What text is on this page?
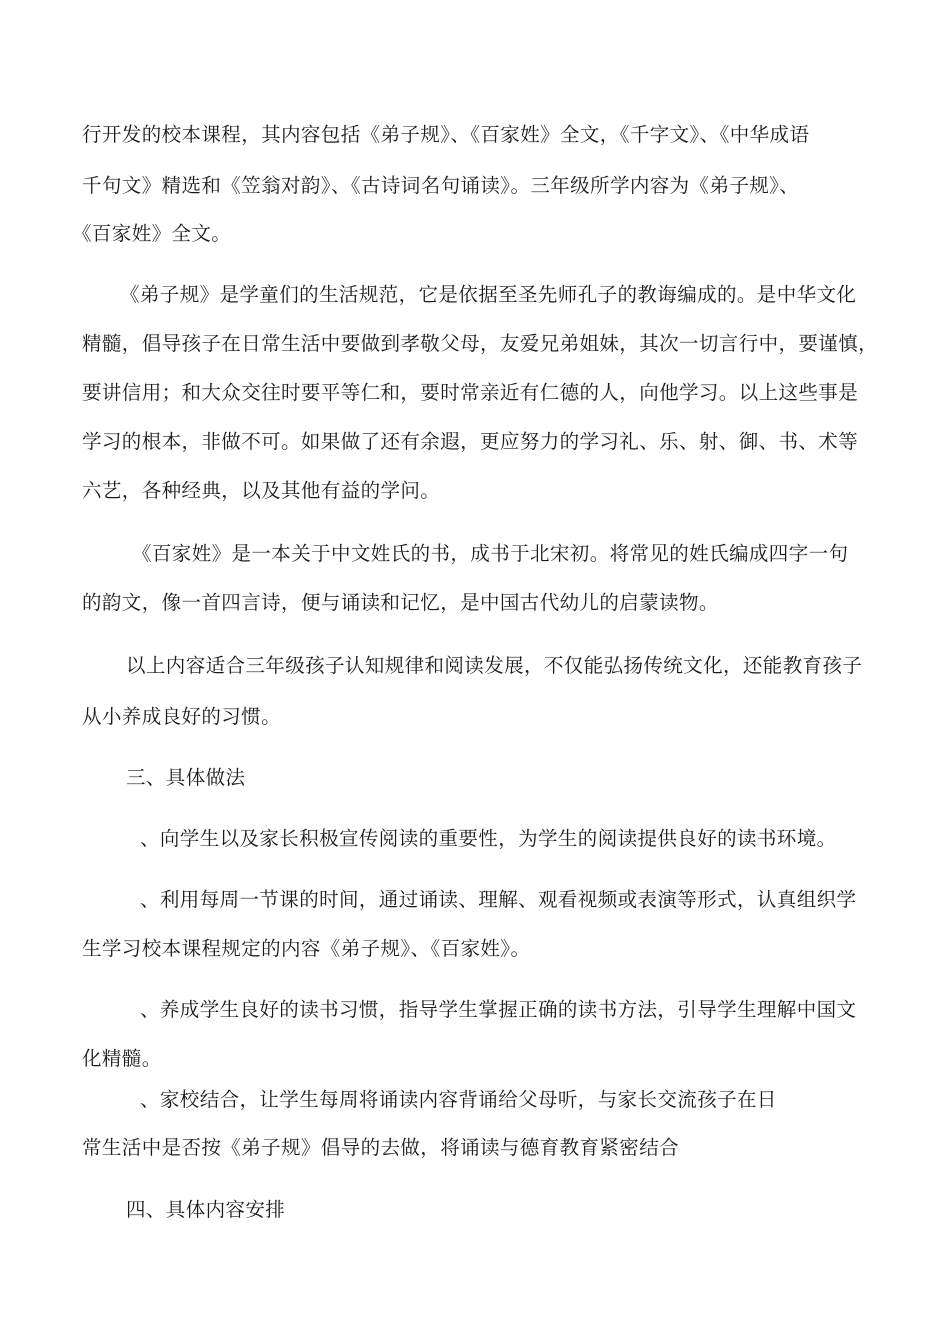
行开发的校本课程，其内容包括《弟子规》、《百家姓》全文，《千字文》、《中华成语
千句文》精选和《笠翁对韵》、《古诗词名句诵读》。三年级所学内容为《弟子规》、
《百家姓》全文。
《弟子规》是学童们的生活规范，它是依据至圣先师孔子的教诲编成的。是中华文化
精髓，倡导孩子在日常生活中要做到孝敬父母，友爱兄弟姐妹，其次一切言行中，要谨慎，
要讲信用；和大众交往时要平等仁和，要时常亲近有仁德的人，向他学习。以上这些事是
学习的根本，非做不可。如果做了还有余遐，更应努力的学习礼、乐、射、御、书、术等
六艺，各种经典，以及其他有益的学问。
《百家姓》是一本关于中文姓氏的书，成书于北宋初。将常见的姓氏编成四字一句
的韵文，像一首四言诗，便与诵读和记忆，是中国古代幼儿的启蒙读物。
以上内容适合三年级孩子认知规律和阅读发展，不仅能弘扬传统文化，还能教育孩子
从小养成良好的习惯。
三、具体做法
、向学生以及家长积极宣传阅读的重要性，为学生的阅读提供良好的读书环境。
、利用每周一节课的时间，通过诵读、理解、观看视频或表演等形式，认真组织学
生学习校本课程规定的内容《弟子规》、《百家姓》。
、养成学生良好的读书习惯，指导学生掌握正确的读书方法，引导学生理解中国文
化精髓。
、家校结合，让学生每周将诵读内容背诵给父母听，与家长交流孩子在日
常生活中是否按《弟子规》倡导的去做，将诵读与德育教育紧密结合
四、具体内容安排
